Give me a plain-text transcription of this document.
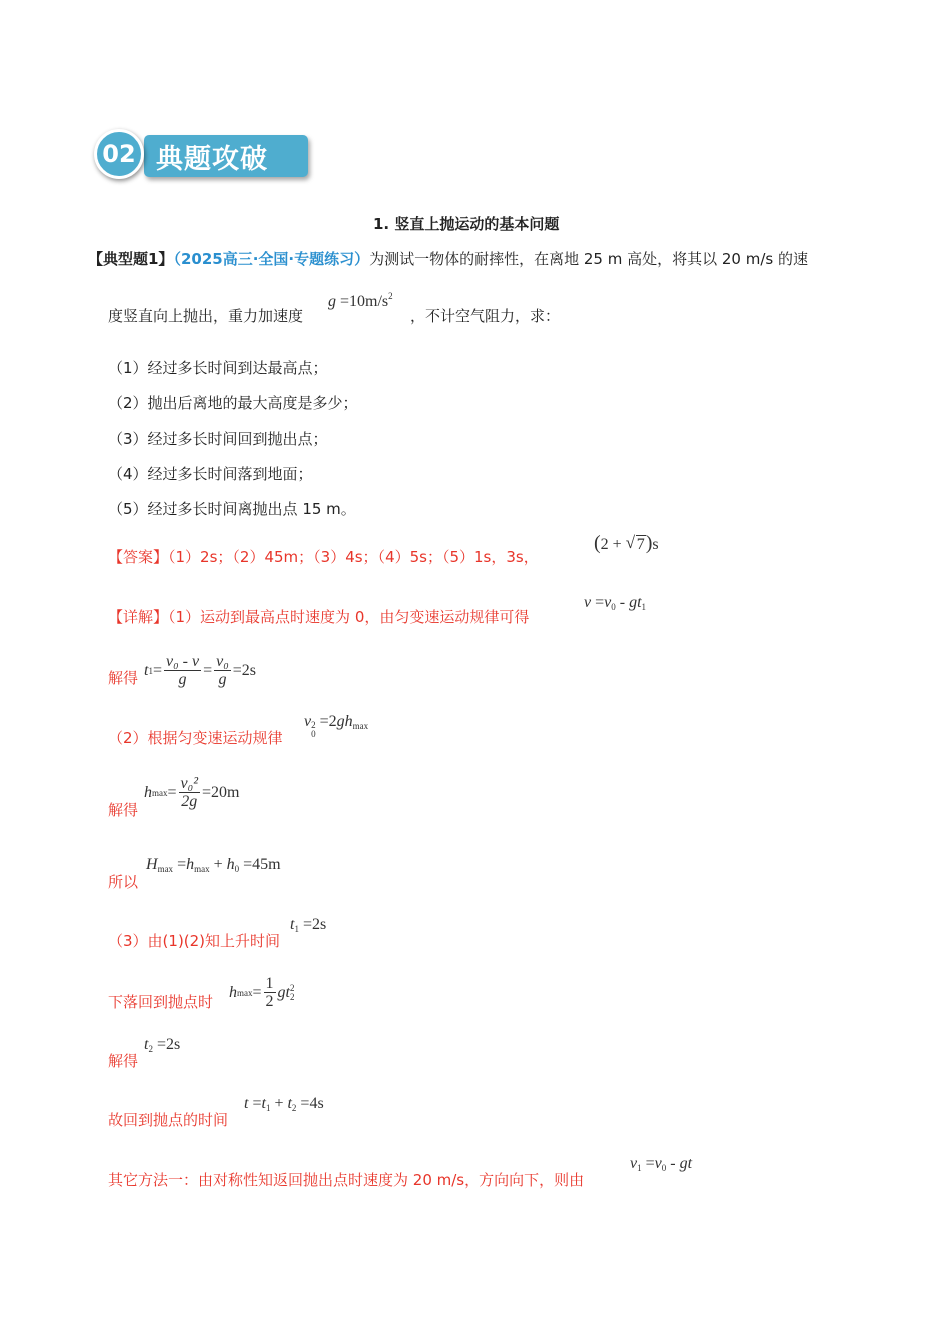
典题攻破
02
1. 竖直上抛运动的基本问题
【典型题1】（2025高三·全国·专题练习）为测试一物体的耐摔性，在离地 25 m 高处，将其以 20 m/s 的速
度竖直向上抛出，重力加速度
$g =10m/s^2$
，不计空气阻力，求：
（1）经过多长时间到达最高点；
（2）抛出后离地的最大高度是多少；
（3）经过多长时间回到抛出点；
（4）经过多长时间落到地面；
（5）经过多长时间离抛出点 15 m。
【答案】（1）2s；（2）45m；（3）4s；（4）5s；（5）1s，3s，
(2 + √ 7)s
【详解】（1）运动到最高点时速度为 0，由匀变速运动规律可得
$v =v_0 - gt_1$
解得 t $1 = \frac{\text{v₀ - v}}{g} = \frac{\text{v₀}}{g} =2s$
（2）根据匀变速运动规律
v 2
0
$=2gh_{max}$
解得
h $\max = \frac{\text{v₀²}}{2g} =20m$
所以
$H_{max} =h_{max} + h_0 =45m$
（3）由(1)(2)知上升时间
$t_1 =2s$
下落回到抛点时
h $\max = \frac{1}{2}$ gt 2
2
解得
$t_2 =2s$
故回到抛点的时间
$t =t_1 + t_2 =4s$
其它方法一：由对称性知返回抛出点时速度为 20 m/s，方向向下，则由
$v_1 =v_0$ - gt
